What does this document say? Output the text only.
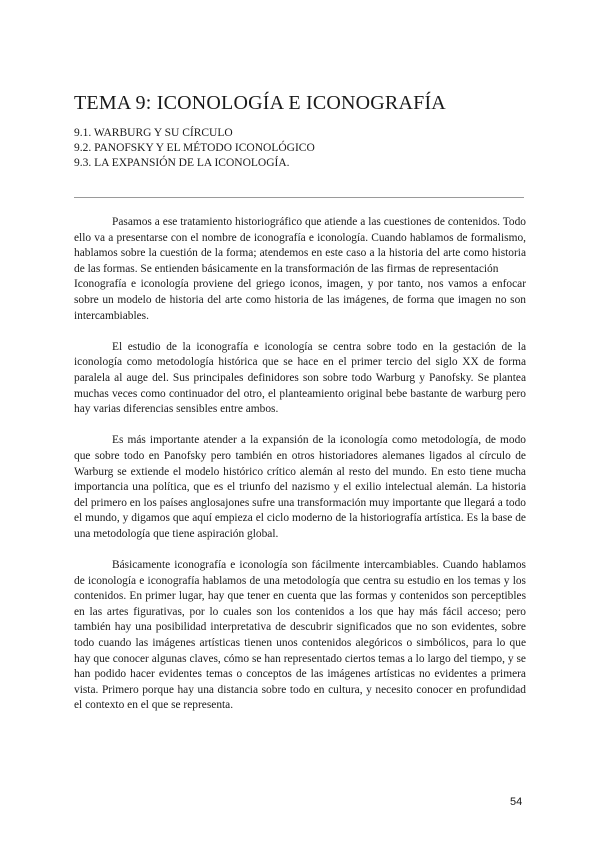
TEMA 9: ICONOLOGÍA E ICONOGRAFÍA
9.1. WARBURG Y SU CÍRCULO
9.2. PANOFSKY Y EL MÉTODO ICONOLÓGICO
9.3. LA EXPANSIÓN DE LA ICONOLOGÍA.

Pasamos a ese tratamiento historiográfico que atiende a las cuestiones de contenidos. Todo ello va a presentarse con el nombre de iconografía e iconología. Cuando hablamos de formalismo, hablamos sobre la cuestión de la forma; atendemos en este caso a la historia del arte como historia de las formas. Se entienden básicamente en la transformación de las firmas de representación

Iconografía e iconología proviene del griego iconos, imagen, y por tanto, nos vamos a enfocar sobre un modelo de historia del arte como historia de las imágenes, de forma que imagen no son intercambiables.

El estudio de la iconografía e iconología se centra sobre todo en la gestación de la iconología como metodología histórica que se hace en el primer tercio del siglo XX de forma paralela al auge del. Sus principales definidores son sobre todo Warburg y Panofsky. Se plantea muchas veces como continuador del otro, el planteamiento original bebe bastante de warburg pero hay varias diferencias sensibles entre ambos.

Es más importante atender a la expansión de la iconología como metodología, de modo que sobre todo en Panofsky pero también en otros historiadores alemanes ligados al círculo de Warburg se extiende el modelo histórico crítico alemán al resto del mundo. En esto tiene mucha importancia una política, que es el triunfo del nazismo y el exilio intelectual alemán. La historia del primero en los países anglosajones sufre una transformación muy importante que llegará a todo el mundo, y digamos que aquí empieza el ciclo moderno de la historiografía artística. Es la base de una metodología que tiene aspiración global.

Básicamente iconografía e iconología son fácilmente intercambiables. Cuando hablamos de iconología e iconografía hablamos de una metodología que centra su estudio en los temas y los contenidos. En primer lugar, hay que tener en cuenta que las formas y contenidos son perceptibles en las artes figurativas, por lo cuales son los contenidos a los que hay más fácil acceso; pero también hay una posibilidad interpretativa de descubrir significados que no son evidentes, sobre todo cuando las imágenes artísticas tienen unos contenidos alegóricos o simbólicos, para lo que hay que conocer algunas claves, cómo se han representado ciertos temas a lo largo del tiempo, y se han podido hacer evidentes temas o conceptos de las imágenes artísticas no evidentes a primera vista. Primero porque hay una distancia sobre todo en cultura, y necesito conocer en profundidad el contexto en el que se representa.

54
